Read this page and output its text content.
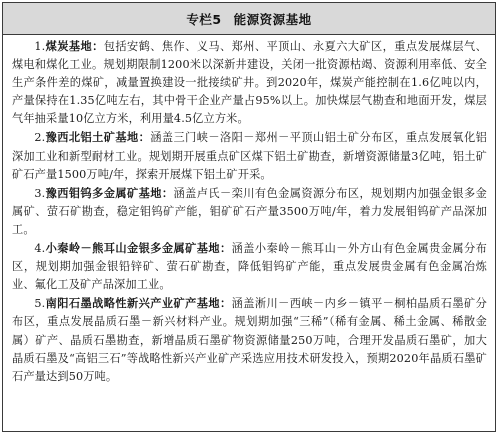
专栏5 能源资源基地

1.煤炭基地：包括安鹤、焦作、义马、郑州、平顶山、永夏六大矿区，重点发展煤层气、煤电和煤化工业。规划期限制1200米以深新井建设，关闭一批资源枯竭、资源利用率低、安全生产条件差的煤矿，减量置换建设一批接续矿井。到2020年，煤炭产能控制在1.6亿吨以内，产量保持在1.35亿吨左右，其中骨干企业产量占95%以上。加快煤层气勘查和地面开发，煤层气年抽采量10亿立方米，利用量4.5亿立方米。

2.豫西北铝土矿基地：涵盖三门峡－洛阳－郑州－平顶山铝土矿分布区，重点发展氧化铝深加工业和新型耐材工业。规划期开展重点矿区煤下铝土矿勘查，新增资源储量3亿吨，铝土矿矿石产量1500万吨/年，探索开展煤下铝土矿开采。

3.豫西钼钨多金属矿基地：涵盖卢氏－栾川有色金属资源分布区，规划期内加强金银多金属矿、萤石矿勘查，稳定钼钨矿产能，钼矿矿石产量3500万吨/年，着力发展钼钨矿产品深加工。

4.小秦岭－熊耳山金银多金属矿基地：涵盖小秦岭－熊耳山－外方山有色金属贵金属分布区，规划期加强金银铅锌矿、萤石矿勘查，降低钼钨矿产能，重点发展贵金属有色金属冶炼业、氟化工及矿产品深加工业。

5.南阳石墨战略性新兴产业矿产基地：涵盖淅川－西峡－内乡－镇平－桐柏晶质石墨矿分布区，重点发展晶质石墨－新兴材料产业。规划期加强“三稀”（稀有金属、稀土金属、稀散金属）矿产、晶质石墨勘查，新增晶质石墨矿物资源储量250万吨，合理开发晶质石墨矿，加大晶质石墨及“高铝三石”等战略性新兴产业矿产采选应用技术研发投入，预期2020年晶质石墨矿石产量达到50万吨。
